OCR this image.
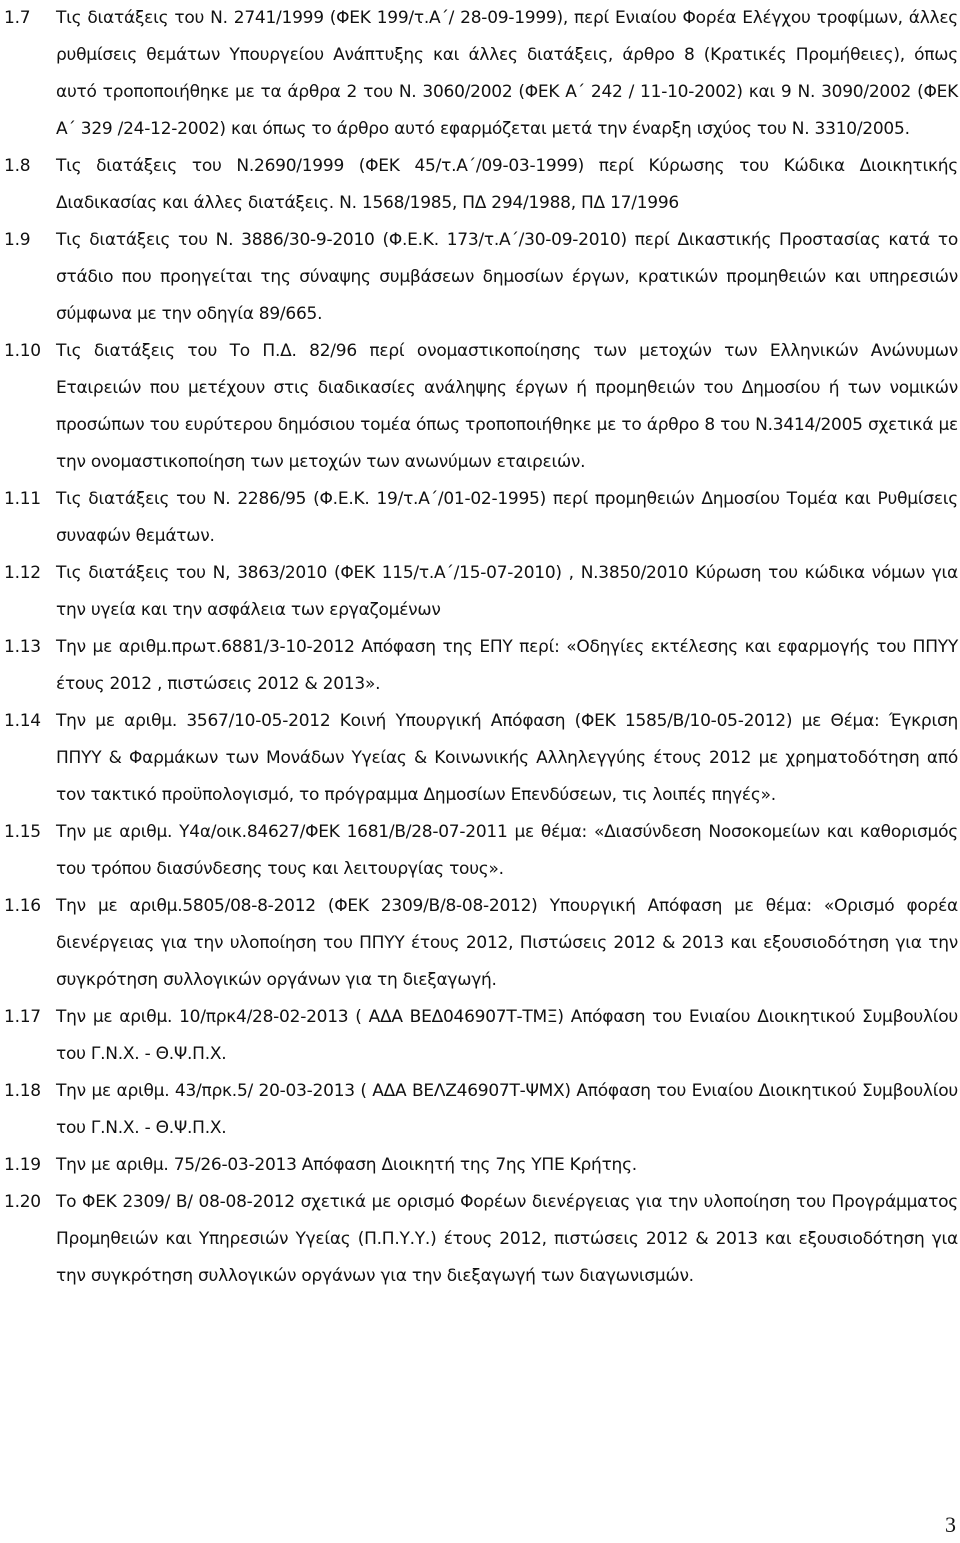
1.7	Τις διατάξεις του Ν. 2741/1999 (ΦΕΚ 199/τ.Α΄/ 28-09-1999), περί Ενιαίου Φορέα Ελέγχου τροφίμων, άλλες ρυθμίσεις θεμάτων Υπουργείου Ανάπτυξης και άλλες διατάξεις, άρθρο 8 (Κρατικές Προμήθειες), όπως αυτό τροποποιήθηκε με τα άρθρα 2 του Ν. 3060/2002 (ΦΕΚ Α΄ 242 / 11-10-2002) και 9 Ν. 3090/2002 (ΦΕΚ Α΄ 329 /24-12-2002) και όπως το άρθρο αυτό εφαρμόζεται μετά την έναρξη ισχύος του Ν. 3310/2005.
1.8	Τις διατάξεις του Ν.2690/1999 (ΦΕΚ 45/τ.Α΄/09-03-1999) περί Κύρωσης του Κώδικα Διοικητικής Διαδικασίας και άλλες διατάξεις. Ν. 1568/1985, ΠΔ 294/1988, ΠΔ 17/1996
1.9	Τις διατάξεις του Ν. 3886/30-9-2010 (Φ.Ε.Κ. 173/τ.Α΄/30-09-2010) περί Δικαστικής Προστασίας κατά το στάδιο που προηγείται της σύναψης συμβάσεων δημοσίων έργων, κρατικών προμηθειών και υπηρεσιών σύμφωνα με την οδηγία 89/665.
1.10 Τις διατάξεις του Το Π.Δ. 82/96 περί ονομαστικοποίησης των μετοχών των Ελληνικών Ανώνυμων Εταιρειών που μετέχουν στις διαδικασίες ανάληψης έργων ή προμηθειών του Δημοσίου ή των νομικών προσώπων του ευρύτερου δημόσιου τομέα όπως τροποποιήθηκε με το άρθρο 8 του Ν.3414/2005 σχετικά με την ονομαστικοποίηση των μετοχών των ανωνύμων εταιρειών.
1.11 Τις διατάξεις του Ν. 2286/95 (Φ.Ε.Κ. 19/τ.Α΄/01-02-1995) περί προμηθειών Δημοσίου Τομέα και Ρυθμίσεις συναφών θεμάτων.
1.12 Τις διατάξεις του Ν, 3863/2010 (ΦΕΚ 115/τ.Α΄/15-07-2010) , Ν.3850/2010 Κύρωση του κώδικα νόμων για την υγεία και την ασφάλεια των εργαζομένων
1.13 Την με αριθμ.πρωτ.6881/3-10-2012 Απόφαση της ΕΠΥ περί: «Οδηγίες εκτέλεσης και εφαρμογής του ΠΠΥΥ έτους 2012 , πιστώσεις 2012 & 2013».
1.14 Την με αριθμ. 3567/10-05-2012 Κοινή Υπουργική Απόφαση (ΦΕΚ 1585/Β/10-05-2012) με Θέμα: Έγκριση ΠΠΥΥ & Φαρμάκων των Μονάδων Υγείας & Κοινωνικής Αλληλεγγύης έτους 2012 με χρηματοδότηση από τον τακτικό προϋπολογισμό, το πρόγραμμα Δημοσίων Επενδύσεων, τις λοιπές πηγές».
1.15 Την με αριθμ. Υ4α/οικ.84627/ΦΕΚ 1681/Β/28-07-2011 με θέμα: «Διασύνδεση Νοσοκομείων και καθορισμός του τρόπου διασύνδεσης τους και λειτουργίας τους».
1.16 Την με αριθμ.5805/08-8-2012 (ΦΕΚ 2309/Β/8-08-2012) Υπουργική Απόφαση με θέμα: «Ορισμό φορέα διενέργειας για την υλοποίηση του ΠΠΥΥ έτους 2012, Πιστώσεις 2012 & 2013 και εξουσιοδότηση για την συγκρότηση συλλογικών οργάνων για τη διεξαγωγή.
1.17 Την με αριθμ. 10/πρκ4/28-02-2013 ( ΑΔΑ ΒΕΔ046907Τ-ΤΜΞ) Απόφαση του Ενιαίου Διοικητικού Συμβουλίου του Γ.Ν.Χ. - Θ.Ψ.Π.Χ.
1.18 Την με αριθμ. 43/πρκ.5/ 20-03-2013 ( ΑΔΑ ΒΕΛΖ46907Τ-ΨΜΧ) Απόφαση του Ενιαίου Διοικητικού Συμβουλίου του Γ.Ν.Χ. - Θ.Ψ.Π.Χ.
1.19 Την με αριθμ. 75/26-03-2013 Απόφαση Διοικητή της 7ης ΥΠΕ Κρήτης.
1.20 Το ΦΕΚ 2309/ Β/ 08-08-2012 σχετικά με ορισμό Φορέων διενέργειας για την υλοποίηση του Προγράμματος Προμηθειών και Υπηρεσιών Υγείας (Π.Π.Υ.Υ.) έτους 2012, πιστώσεις 2012 & 2013 και εξουσιοδότηση για την συγκρότηση συλλογικών οργάνων για την διεξαγωγή των διαγωνισμών.
3
